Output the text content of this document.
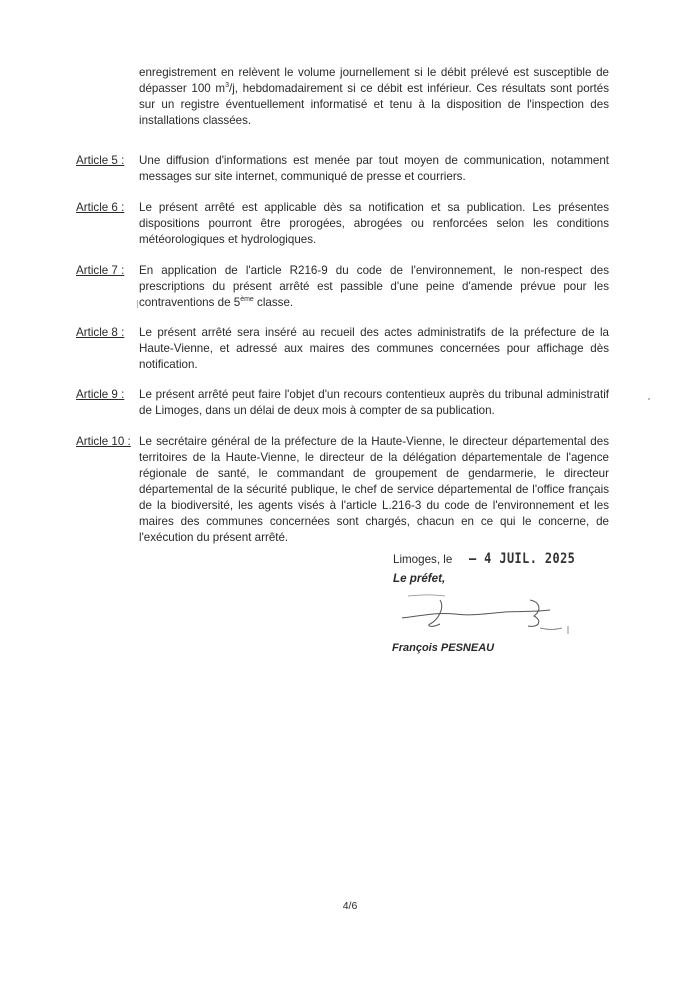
enregistrement en relèvent le volume journellement si le débit prélevé est susceptible de dépasser 100 $m^3/j$, hebdomadairement si ce débit est inférieur. Ces résultats sont portés sur un registre éventuellement informatisé et tenu à la disposition de l'inspection des installations classées.
Article 5 : Une diffusion d'informations est menée par tout moyen de communication, notamment messages sur site internet, communiqué de presse et courriers.

Article 6 : Le présent arrêté est applicable dès sa notification et sa publication. Les présentes dispositions pourront être prorogées, abrogées ou renforcées selon les conditions météorologiques et hydrologiques.

Article 7 : En application de l'article R216-9 du code de l'environnement, le non-respect des prescriptions du présent arrêté est passible d'une peine d'amende prévue pour les contraventions de 5ème classe.

Article 8 : Le présent arrêté sera inséré au recueil des actes administratifs de la préfecture de la Haute-Vienne, et adressé aux maires des communes concernées pour affichage dès notification.

Article 9 : Le présent arrêté peut faire l'objet d'un recours contentieux auprès du tribunal administratif de Limoges, dans un délai de deux mois à compter de sa publication.

Article 10 : Le secrétaire général de la préfecture de la Haute-Vienne, le directeur départemental des territoires de la Haute-Vienne, le directeur de la délégation départementale de l'agence régionale de santé, le commandant de groupement de gendarmerie, le directeur départemental de la sécurité publique, le chef de service départemental de l'office français de la biodiversité, les agents visés à l'article L.216-3 du code de l'environnement et les maires des communes concernées sont chargés, chacun en ce qui le concerne, de l'exécution du présent arrêté.

Limoges, le – 4 JUIL. 2025
Le préfet,
François PESNEAU
4/6
